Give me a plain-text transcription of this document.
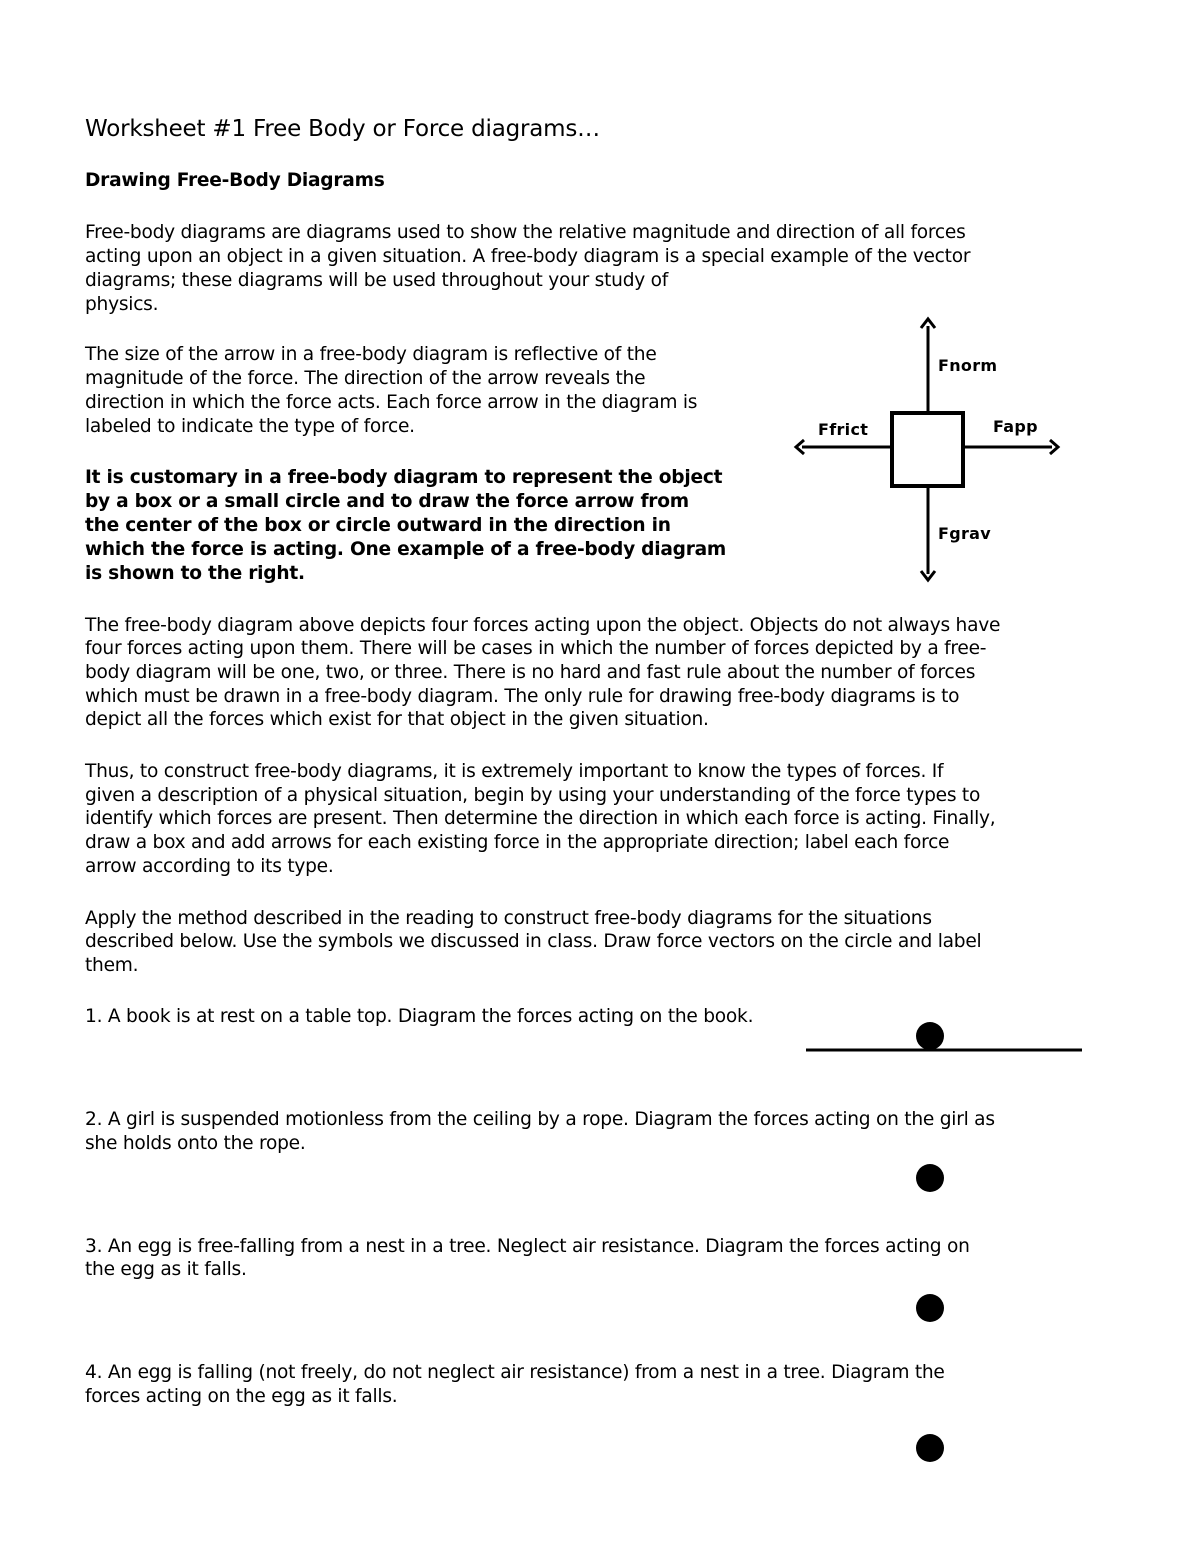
Worksheet #1 Free Body or Force diagrams…
Drawing Free-Body Diagrams
Free-body diagrams are diagrams used to show the relative magnitude and direction of all forces
acting upon an object in a given situation. A free-body diagram is a special example of the vector
diagrams; these diagrams will be used throughout your study of
physics.
The size of the arrow in a free-body diagram is reflective of the
magnitude of the force. The direction of the arrow reveals the
direction in which the force acts. Each force arrow in the diagram is
labeled to indicate the type of force.
It is customary in a free-body diagram to represent the object
by a box or a small circle and to draw the force arrow from
the center of the box or circle outward in the direction in
which the force is acting. One example of a free-body diagram
is shown to the right.
The free-body diagram above depicts four forces acting upon the object. Objects do not always have
four forces acting upon them. There will be cases in which the number of forces depicted by a free-
body diagram will be one, two, or three. There is no hard and fast rule about the number of forces
which must be drawn in a free-body diagram. The only rule for drawing free-body diagrams is to
depict all the forces which exist for that object in the given situation.
Thus, to construct free-body diagrams, it is extremely important to know the types of forces. If
given a description of a physical situation, begin by using your understanding of the force types to
identify which forces are present. Then determine the direction in which each force is acting. Finally,
draw a box and add arrows for each existing force in the appropriate direction; label each force
arrow according to its type.
Apply the method described in the reading to construct free-body diagrams for the situations
described below. Use the symbols we discussed in class. Draw force vectors on the circle and label
them.
1. A book is at rest on a table top. Diagram the forces acting on the book.
2. A girl is suspended motionless from the ceiling by a rope. Diagram the forces acting on the girl as
she holds onto the rope.
3. An egg is free-falling from a nest in a tree. Neglect air resistance. Diagram the forces acting on
the egg as it falls.
4. An egg is falling (not freely, do not neglect air resistance) from a nest in a tree. Diagram the
forces acting on the egg as it falls.
Fnorm
Ffrict	Fapp
Fgrav
